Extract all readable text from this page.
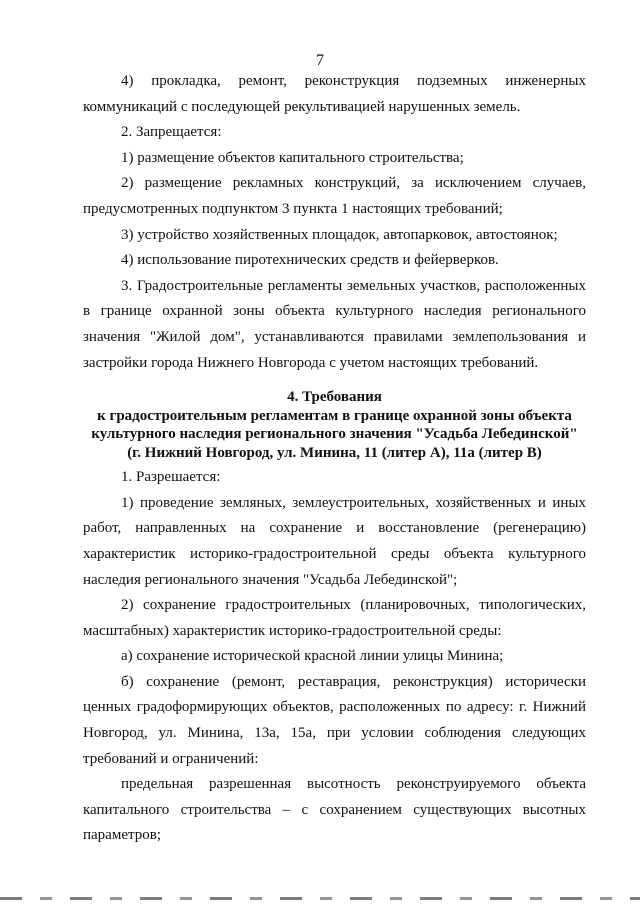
7

4) прокладка, ремонт, реконструкция подземных инженерных коммуникаций с последующей рекультивацией нарушенных земель.

2. Запрещается:

1) размещение объектов капитального строительства;

2) размещение рекламных конструкций, за исключением случаев, предусмотренных подпунктом 3 пункта 1 настоящих требований;

3) устройство хозяйственных площадок, автопарковок, автостоянок;

4) использование пиротехнических средств и фейерверков.

3. Градостроительные регламенты земельных участков, расположенных в границе охранной зоны объекта культурного наследия регионального значения "Жилой дом", устанавливаются правилами землепользования и застройки города Нижнего Новгорода с учетом настоящих требований.

4. Требования
к градостроительным регламентам в границе охранной зоны объекта
культурного наследия регионального значения "Усадьба Лебединской"
(г. Нижний Новгород, ул. Минина, 11 (литер А), 11а (литер В)

1. Разрешается:

1) проведение земляных, землеустроительных, хозяйственных и иных работ, направленных на сохранение и восстановление (регенерацию) характеристик историко-градостроительной среды объекта культурного наследия регионального значения "Усадьба Лебединской";

2) сохранение градостроительных (планировочных, типологических, масштабных) характеристик историко-градостроительной среды:

а) сохранение исторической красной линии улицы Минина;

б) сохранение (ремонт, реставрация, реконструкция) исторически ценных градоформирующих объектов, расположенных по адресу: г. Нижний Новгород, ул. Минина, 13а, 15а, при условии соблюдения следующих требований и ограничений:

предельная разрешенная высотность реконструируемого объекта капитального строительства – с сохранением существующих высотных параметров;
